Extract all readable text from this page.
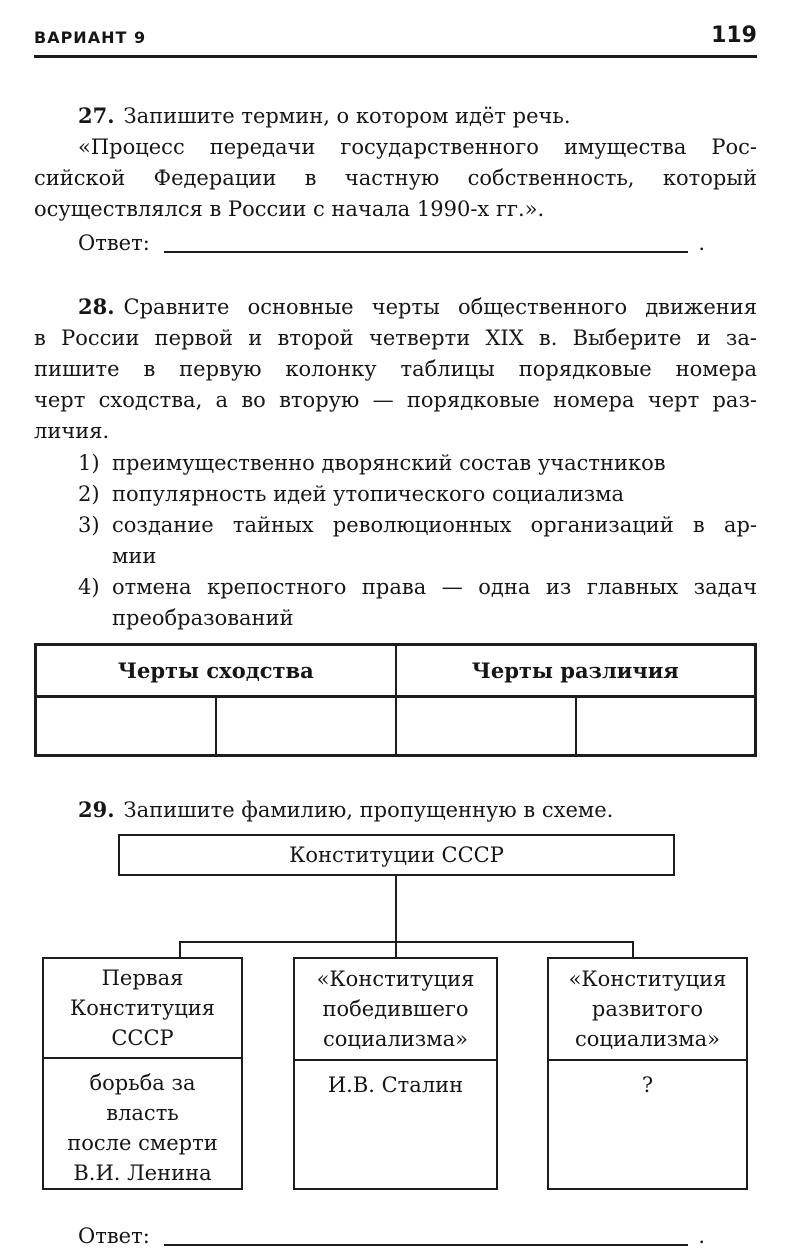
ВАРИАНТ 9	119
27. Запишите термин, о котором идёт речь.
«Процесс передачи государственного имущества Рос-
сийской Федерации в частную собственность, который
осуществлялся в России с начала 1990-х гг.».
Ответ:	.
28. Сравните основные черты общественного движения
в России первой и второй четверти XIX в. Выберите и за-
пишите в первую колонку таблицы порядковые номера
черт сходства, а во вторую — порядковые номера черт раз-
личия.
1) преимущественно дворянский состав участников
2) популярность идей утопического социализма
3) создание тайных революционных организаций в ар-
мии
4) отмена крепостного права — одна из главных задач
преобразований
Черты сходства		Черты различия	

29. Запишите фамилию, пропущенную в схеме.
Конституции СССР
Первая
Конституция
СССР
борьба за
власть
после смерти
В.И. Ленина
«Конституция
победившего
социализма»
И.В. Сталин
«Конституция
развитого
социализма»
?
Ответ:	.
